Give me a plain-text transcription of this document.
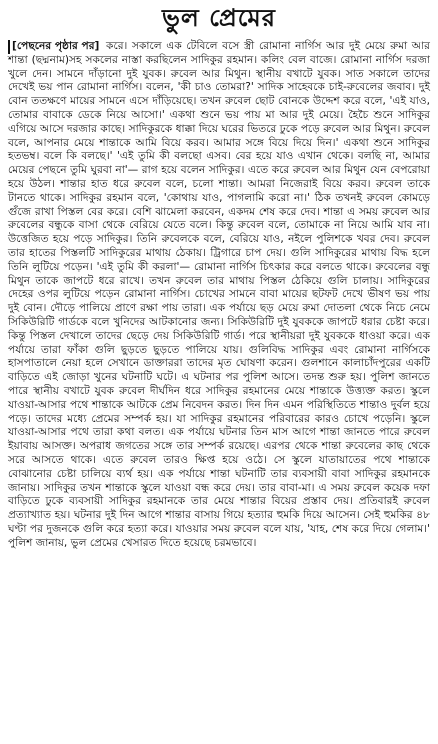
ভুল প্রেমের

[পেছনের পৃষ্ঠার পর] করে। সকালে এক টেবিলে বসে স্ত্রী রোমানা নার্গিস আর দুই মেয়ে রুমা আর শান্তা (ছদ্মনাম)সহ সকলের নাস্তা করছিলেন সাদিকুর রহমান। কলিং বেল বাজে। রোমানা নার্গিস দরজা খুলে দেন। সামনে দাঁড়ানো দুই যুবক। রুবেল আর মিথুন। স্থানীয় বখাটে যুবক। সাত সকালে তাদের দেখেই ভয় পান রোমানা নার্গিস। বলেন, 'কী চাও তোমরা?' সাদিক সাহেবকে চাই-রুবেলের জবাব। দুই বোন ততক্ষণে মায়ের সামনে এসে দাঁড়িয়েছে। তখন রুবেল ছোট বোনকে উদ্দেশ করে বলে, 'এই যাও, তোমার বাবাকে ডেকে নিয়ে আসো।' একথা শুনে ভয় পায় মা আর দুই মেয়ে। হৈচৈ শুনে সাদিকুর এগিয়ে আসে দরজার কাছে। সাদিকুরকে ধাক্কা দিয়ে ঘরের ভিতরে ঢুকে পড়ে রুবেল আর মিথুন। রুবেল বলে, আপনার মেয়ে শান্তাকে আমি বিয়ে করব। আমার সঙ্গে বিয়ে দিয়ে দিন।' একথা শুনে সাদিকুর হতভম্ব। বলে কি বলছে।' 'এই তুমি কী বলছো এসব। বের হয়ে যাও এখান থেকে। বলছি না, আমার মেয়ের পেছনে তুমি ঘুরবা না'— রাগ হয়ে বলেন সাদিকুর। এতে করে রুবেল আর মিথুন যেন বেপরোয়া হয়ে উঠল। শান্তার হাত ধরে রুবেল বলে, চলো শান্তা। আমরা নিজেরাই বিয়ে করব। রুবেল তাকে টানতে থাকে। সাদিকুর রহমান বলে, 'কোথায় যাও, পাগলামি করো না।' ঠিক তখনই রুবেল কোমড়ে গুঁজে রাখা পিস্তল বের করে। বেশি ঝামেলা করবেন, একদম শেষ করে দেব। শান্তা এ সময় রুবেল আর রুবেলের বন্ধুকে বাসা থেকে বেরিয়ে যেতে বলে। কিন্তু রুবেল বলে, তোমাকে না নিয়ে আমি যাব না। উত্তেজিত হয়ে পড়ে সাদিকুর। তিনি রুবেলকে বলে, বেরিয়ে যাও, নইলে পুলিশকে খবর দেব। রুবেল তার হাতের পিস্তলটি সাদিকুরের মাথায় ঠেকায়। ট্রিগারে চাপ দেয়। গুলি সাদিকুরের মাথায় বিদ্ধ হলে তিনি লুটিয়ে পড়েন। 'এই তুমি কী করলা'— রোমানা নার্গিস চিৎকার করে বলতে থাকে। রুবেলের বন্ধু মিথুন তাকে জাপটে ধরে রাখে। তখন রুবেল তার মাথায় পিস্তল ঠেকিয়ে গুলি চালায়। সাদিকুরের দেহের ওপর লুটিয়ে পড়েন রোমানা নার্গিস। চোখের সামনে বাবা মায়ের ছটফট দেখে ভীষণ ভয় পায় দুই বোন। দৌড়ে পালিয়ে প্রাণে রক্ষা পায় তারা। এক পর্যায়ে ছড় মেয়ে রুমা দোতলা থেকে নিচে নেমে সিকিউরিটি গার্ডকে বলে খুনিদের আটকানোর জন্য। সিকিউরিটি দুই যুবককে জাপটে ধরার চেষ্টা করে। কিন্তু পিস্তল দেখালে তাদের ছেড়ে দেয় সিকিউরিটি গার্ড। পরে স্থানীয়রা দুই যুবককে ধাওয়া করে। এক পর্যায়ে তারা ফাঁকা গুলি ছুড়তে ছুড়তে পালিয়ে যায়। গুলিবিদ্ধ সাদিকুর এবং রোমানা নার্গিসকে হাসপাতালে নেয়া হলে সেখানে ডাক্তাররা তাদের মৃত ঘোষণা করেন। গুলশানে কালাচাঁদপুরের একটি বাড়িতে এই জোড়া খুনের ঘটনাটি ঘটে। এ ঘটনার পর পুলিশ আসে। তদন্ত শুরু হয়। পুলিশ জানতে পারে স্থানীয় বখাটে যুবক রুবেল দীর্ঘদিন ধরে সাদিকুর রহমানের মেয়ে শান্তাকে উত্ত্যক্ত করত। স্কুলে যাওয়া-আসার পথে শান্তাকে আটকে প্রেম নিবেদন করত। দিন দিন এমন পরিস্থিতিতে শান্তাও দুর্বল হয়ে পড়ে। তাদের মধ্যে প্রেমের সম্পর্ক হয়। যা সাদিকুর রহমানের পরিবারের কারও চোখে পড়েনি। স্কুলে যাওয়া-আসার পথে তারা কথা বলত। এক পর্যায়ে ঘটনার তিন মাস আগে শান্তা জানতে পারে রুবেল ইয়াবায় আসক্ত। অপরাধ জগতের সঙ্গে তার সম্পর্ক রয়েছে। এরপর থেকে শান্তা রুবেলের কাছ থেকে সরে আসতে থাকে। এতে রুবেল তারও ক্ষিপ্ত হয়ে ওঠে। সে স্কুলে যাতায়াতের পথে শান্তাকে বোঝানোর চেষ্টা চালিয়ে ব্যর্থ হয়। এক পর্যায়ে শান্তা ঘটনাটি তার ব্যবসায়ী বাবা সাদিকুর রহমানকে জানায়। সাদিকুর তখন শান্তাকে স্কুলে যাওয়া বন্ধ করে দেয়। তার বাবা-মা। এ সময় রুবেল কয়েক দফা বাড়িতে ঢুকে ব্যবসায়ী সাদিকুর রহমানকে তার মেয়ে শান্তার বিয়ের প্রস্তাব দেয়। প্রতিবারই রুবেল প্রত্যাখ্যাত হয়। ঘটনার দুই দিন আগে শান্তার বাসায় গিয়ে হত্যার হুমকি দিয়ে আসেন। সেই হুমকির ৪৮ ঘণ্টা পর দুজনকে গুলি করে হত্যা করে। যাওয়ার সময় রুবেল বলে যায়, 'যাহ, শেষ করে দিয়ে গেলাম।' পুলিশ জানায়, ভুল প্রেমের খেসারত দিতে হয়েছে চরমভাবে।
